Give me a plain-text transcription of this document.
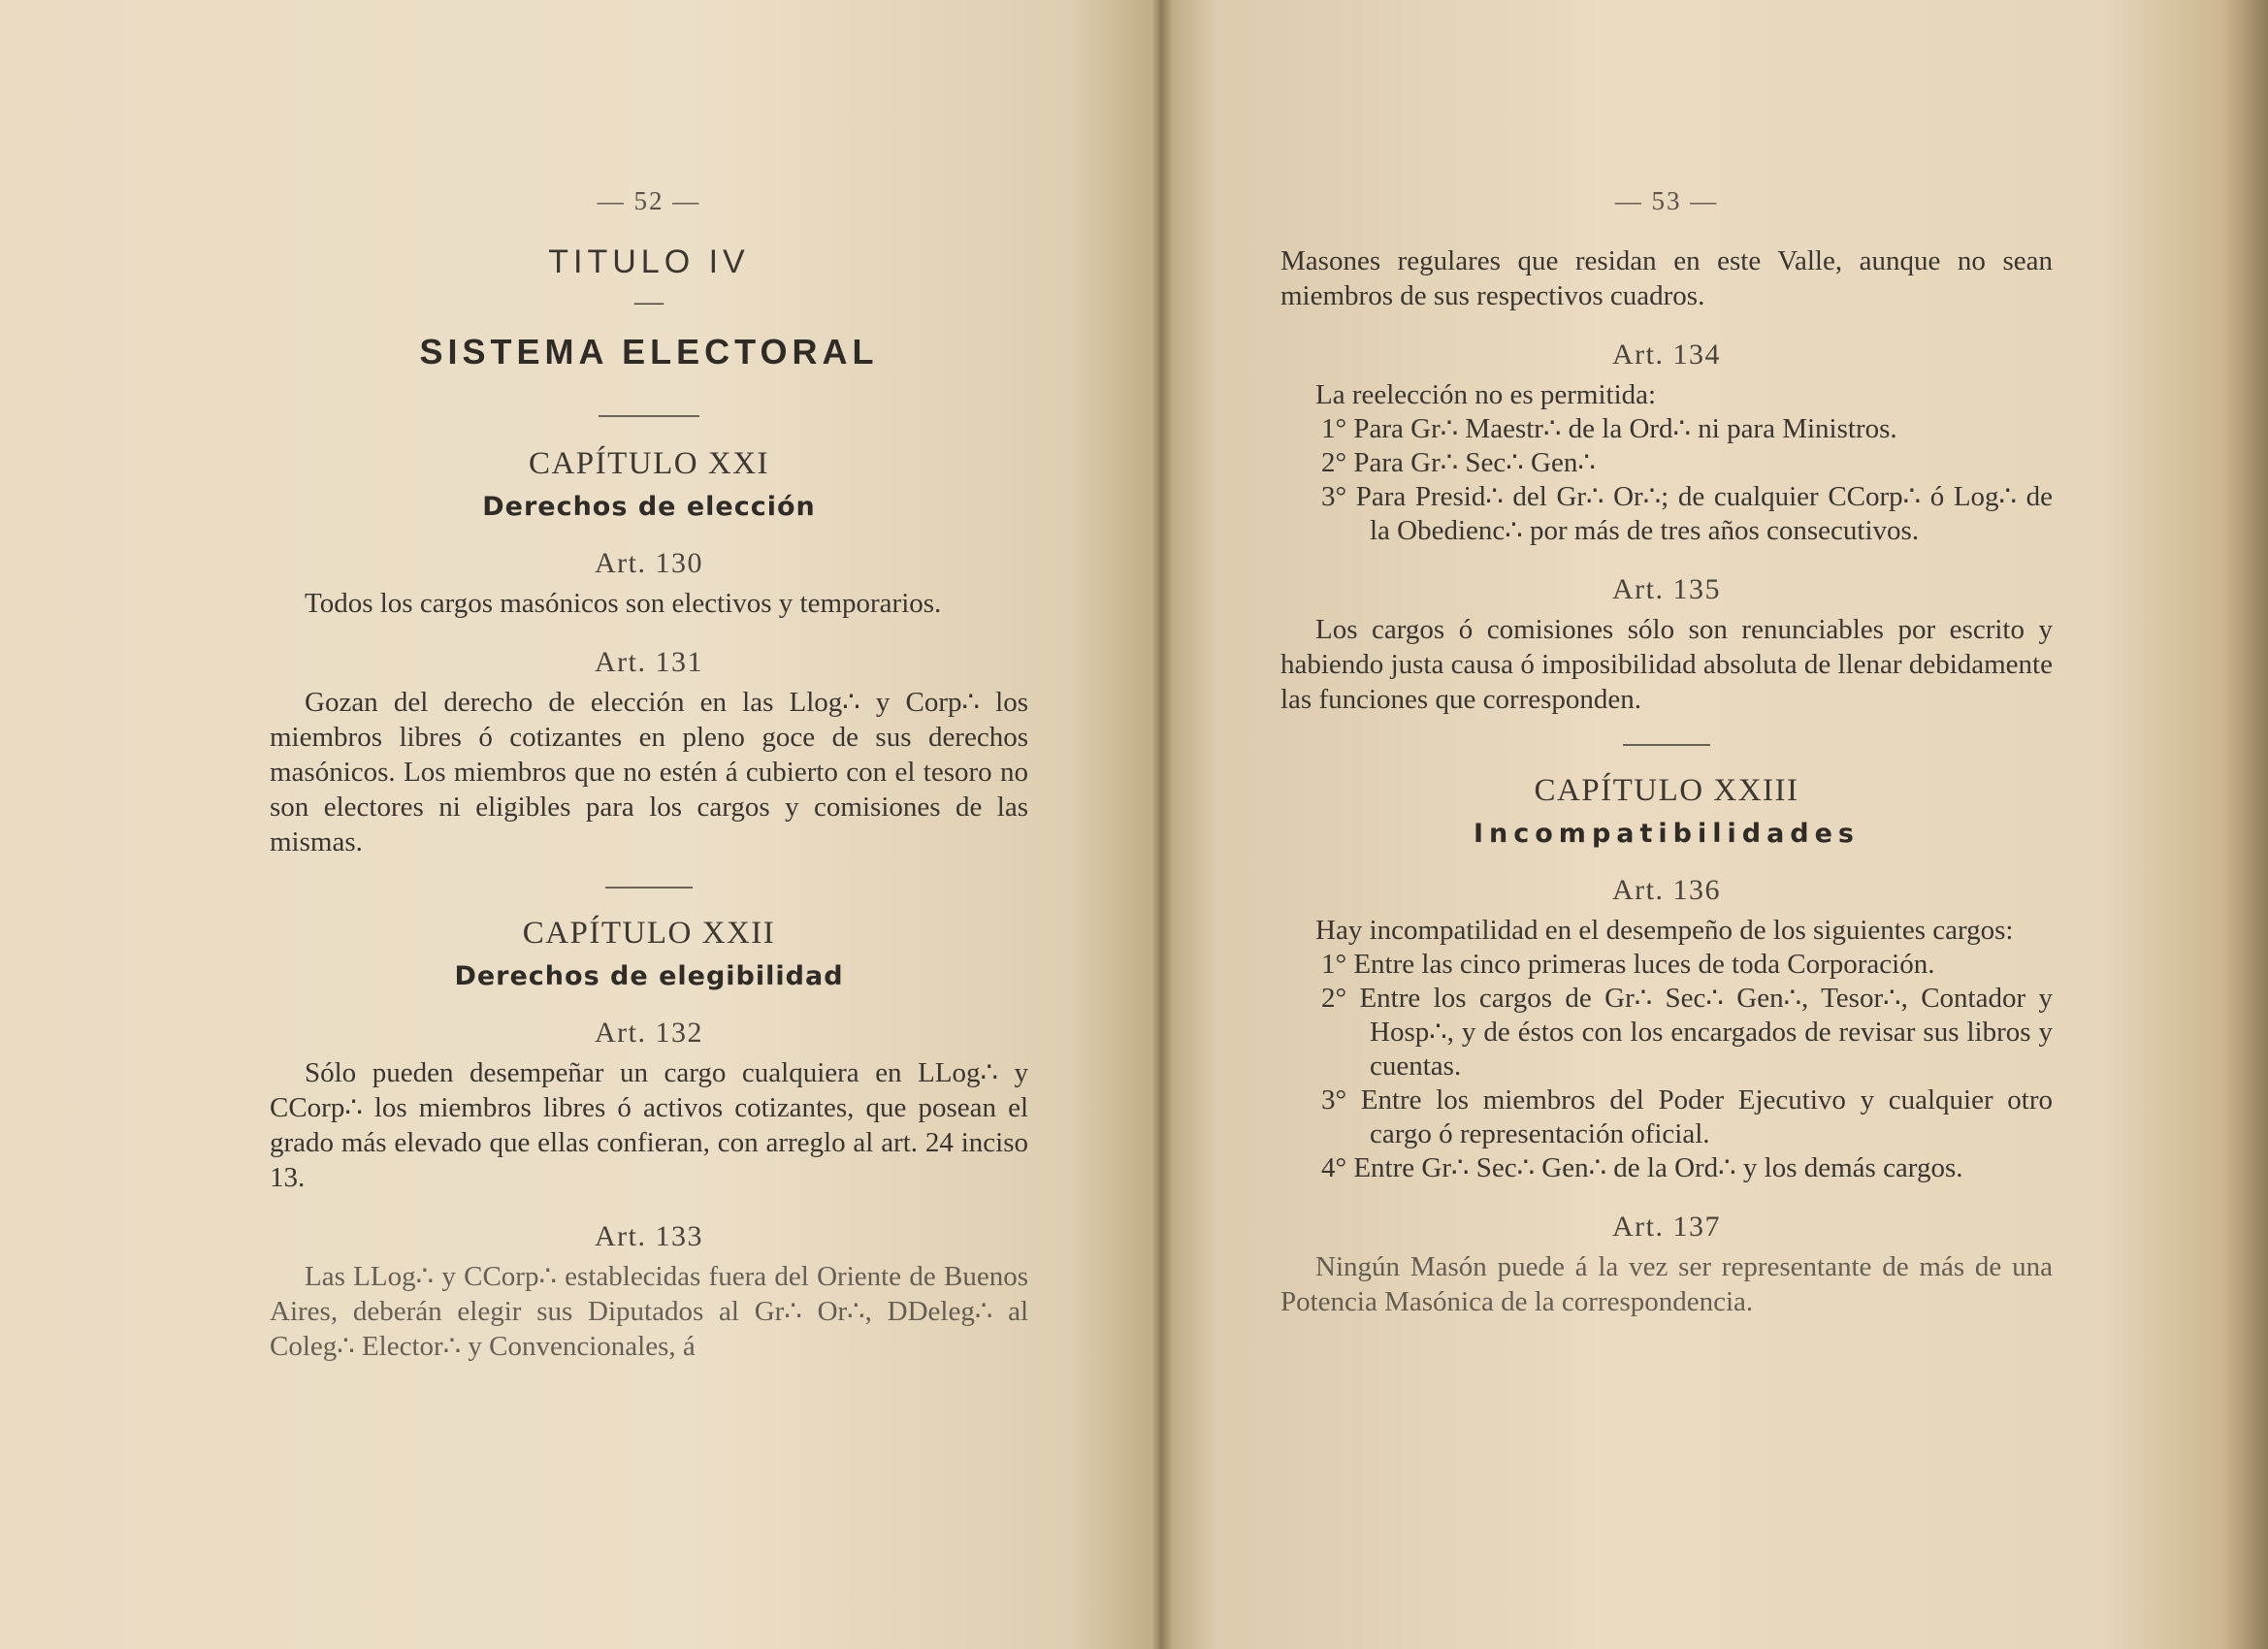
— 52 —
TITULO IV
—
SISTEMA ELECTORAL
CAPÍTULO XXI
Derechos de elección
Art. 130
Todos los cargos masónicos son electivos y temporarios.
Art. 131
Gozan del derecho de elección en las Llog∴ y Corp∴ los miembros libres ó cotizantes en pleno goce de sus derechos masónicos. Los miembros que no estén á cubierto con el tesoro no son electores ni eligibles para los cargos y comisiones de las mismas.
CAPÍTULO XXII
Derechos de elegibilidad
Art. 132
Sólo pueden desempeñar un cargo cualquiera en LLog∴ y CCorp∴ los miembros libres ó activos cotizantes, que posean el grado más elevado que ellas confieran, con arreglo al art. 24 inciso 13.
Art. 133
Las LLog∴ y CCorp∴ establecidas fuera del Oriente de Buenos Aires, deberán elegir sus Diputados al Gr∴ Or∴, DDeleg∴ al Coleg∴ Elector∴ y Convencionales, á
— 53 —
Masones regulares que residan en este Valle, aunque no sean miembros de sus respectivos cuadros.
Art. 134
La reelección no es permitida:
1° Para Gr∴ Maestr∴ de la Ord∴ ni para Ministros.
2° Para Gr∴ Sec∴ Gen∴
3° Para Presid∴ del Gr∴ Or∴; de cualquier CCorp∴ ó Log∴ de la Obedienc∴ por más de tres años consecutivos.
Art. 135
Los cargos ó comisiones sólo son renunciables por escrito y habiendo justa causa ó imposibilidad absoluta de llenar debidamente las funciones que corresponden.
CAPÍTULO XXIII
Incompatibilidades
Art. 136
Hay incompatilidad en el desempeño de los siguientes cargos:
1° Entre las cinco primeras luces de toda Corporación.
2° Entre los cargos de Gr∴ Sec∴ Gen∴, Tesor∴, Contador y Hosp∴, y de éstos con los encargados de revisar sus libros y cuentas.
3° Entre los miembros del Poder Ejecutivo y cualquier otro cargo ó representación oficial.
4° Entre Gr∴ Sec∴ Gen∴ de la Ord∴ y los demás cargos.
Art. 137
Ningún Masón puede á la vez ser representante de más de una Potencia Masónica de la correspondencia.
